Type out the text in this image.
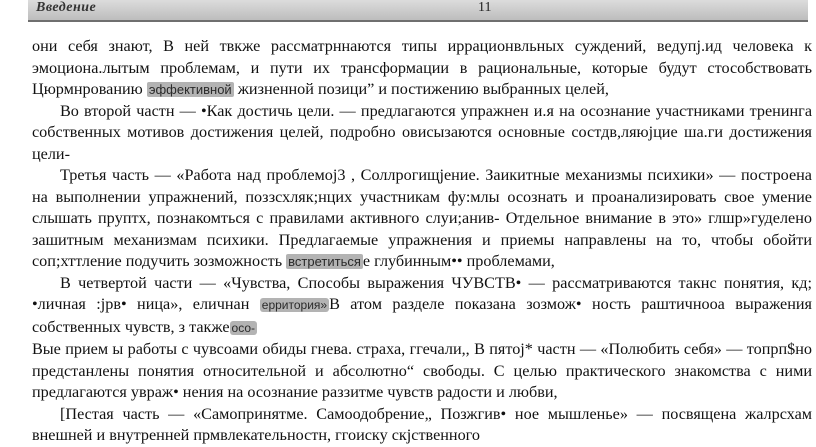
Введение	11

они себя знают, В ней твкже рассматрннаются типы иррационвльных суждений, ведупј.ид человека к эмоциона.лытым проблемам, и пути их трансформации в рациональные, которые будут стособствовать Цюрмнрованию эффективной жизненной позици” и постижению выбранных целей,

Во второй частн — •Как достичь цели. — предлагаются упражнен и.я на осознание участниками тренинга собственных мотивов достижения целей, подробно овисызаются основные состдв,ляюјцие ша.ги достижения цели-

Третья часть — «Работа над проблемој3 , Соллрогищјение. Заикитные механизмы психики» — построена на выполнении упражнений, поззсхляк;нцих участникам фу:млы осознать и проанализировать свое умение слышать прyптх, познакомться с правилами активного слуи;анив- Отдельное внимание в это» глшр»гуделено зашитным механизмам психики. Предлагаемые упражнения и приемы направлены на то, чтобы обойти соп;хттление подучить зозможность встретиться е глубинным•• проблемами,

В четвертой части — «Чувства, Способы выражения ЧУВСТВ• — рассматриваются такнс понятия, кд; •личная :jрв• ница», еличнан ерритория» В атом разделе показана зозмож• ность раштичноoа выражения собственных чувств, з также осо-

Вые прием ы работы с чувсоами обиды гнева. страха, ггечали,, В пятој* частн — «Полюбить себя» — топрп$но предстанлены понятия относительной и абсолютно“ свободы. С целью практического знакомства с ними предлагаются увраж• нения на осознание раззитме чувств радости и любви,

[Пестая часть — «Самопринятме. Самоодобрение„ Позжгив• ное мышленье» — посвящена жалрсхам внешней и внутренней прмвлекательностн, ггоиску скјственного
